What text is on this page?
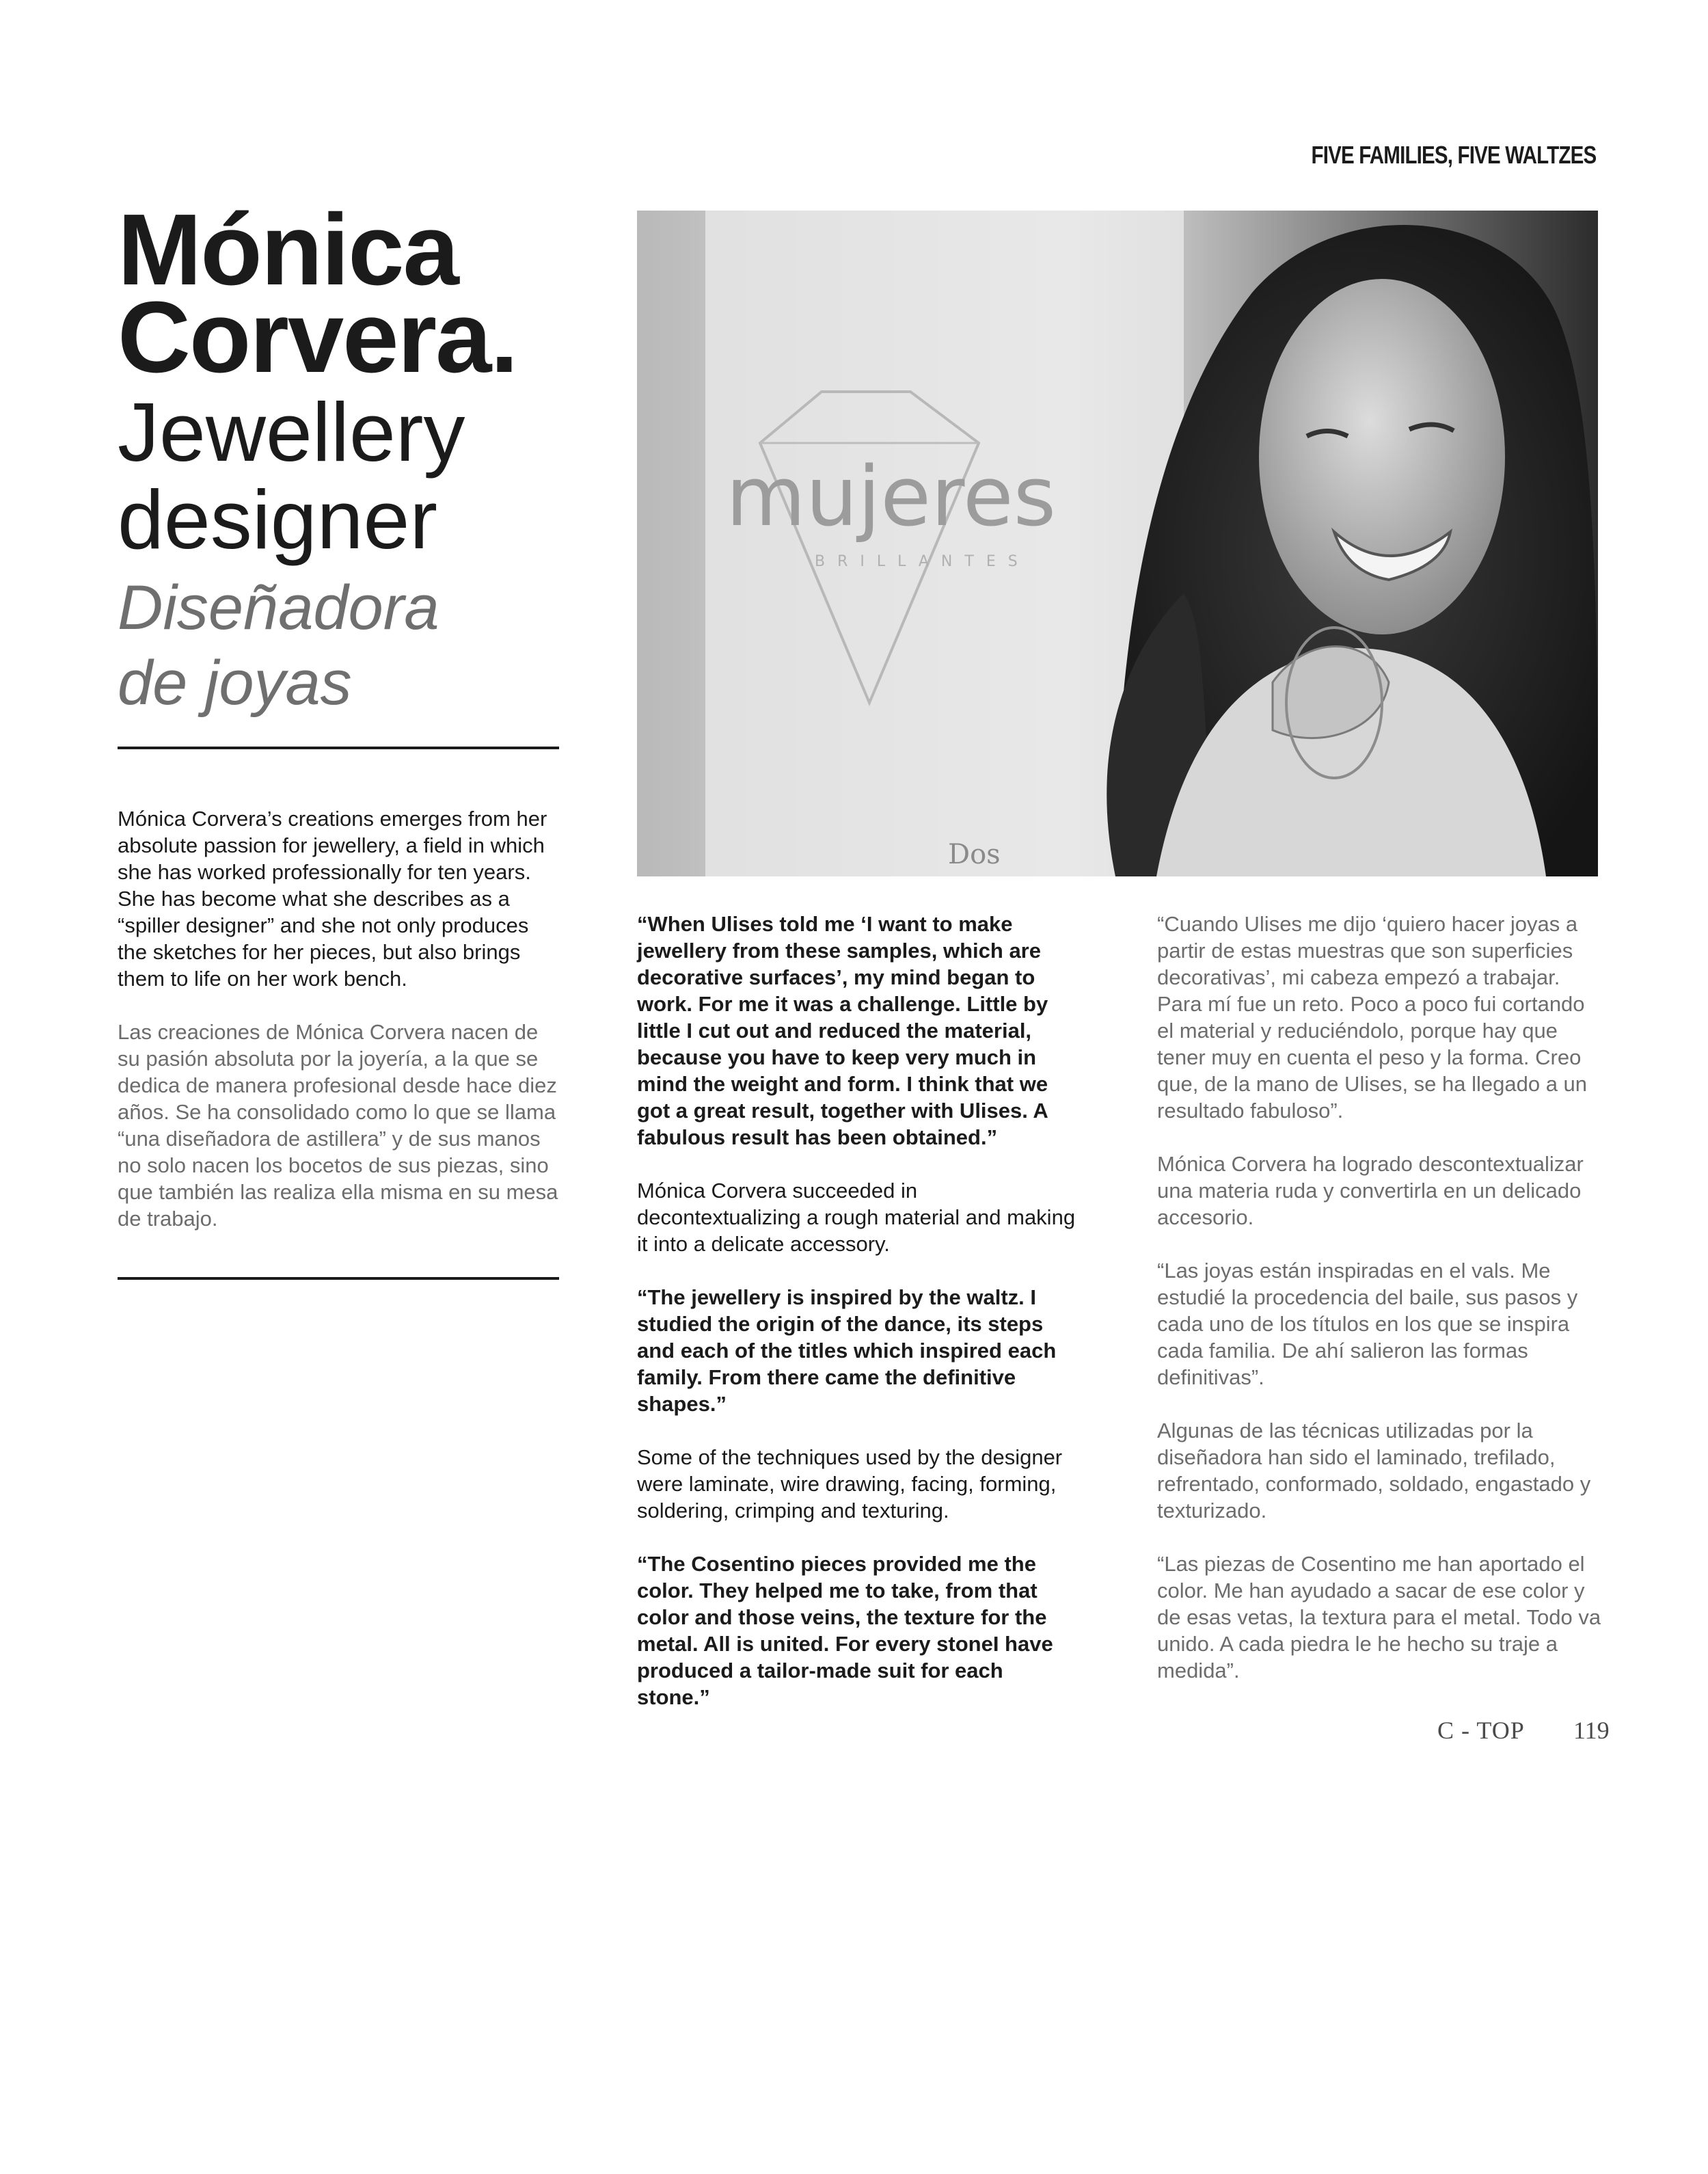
FIVE FAMILIES, FIVE WALTZES
Mónica
Corvera.
Jewellery
designer
Diseñadora
de joyas

Mónica Corvera’s creations emerges from her absolute passion for jewellery, a field in which she has worked professionally for ten years. She has become what she describes as a “spiller designer” and she not only produces the sketches for her pieces, but also brings them to life on her work bench.

Las creaciones de Mónica Corvera nacen de su pasión absoluta por la joyería, a la que se dedica de manera profesional desde hace diez años. Se ha consolidado como lo que se llama “una diseñadora de astillera” y de sus manos no solo nacen los bocetos de sus piezas, sino que también las realiza ella misma en su mesa de trabajo.

mujeres
BRILLANTES
Dos

“When Ulises told me ‘I want to make jewellery from these samples, which are decorative surfaces’, my mind began to work. For me it was a challenge. Little by little I cut out and reduced the material, because you have to keep very much in mind the weight and form. I think that we got a great result, together with Ulises. A fabulous result has been obtained.”

Mónica Corvera succeeded in decontextualizing a rough material and making it into a delicate accessory.

“The jewellery is inspired by the waltz. I studied the origin of the dance, its steps and each of the titles which inspired each family. From there came the definitive shapes.”

Some of the techniques used by the designer were laminate, wire drawing, facing, forming, soldering, crimping and texturing.

“The Cosentino pieces provided me the color. They helped me to take, from that color and those veins, the texture for the metal. All is united. For every stoneI have produced a tailor-made suit for each stone.”

“Cuando Ulises me dijo ‘quiero hacer joyas a partir de estas muestras que son superficies decorativas’, mi cabeza empezó a trabajar. Para mí fue un reto. Poco a poco fui cortando el material y reduciéndolo, porque hay que tener muy en cuenta el peso y la forma. Creo que, de la mano de Ulises, se ha llegado a un resultado fabuloso”.

Mónica Corvera ha logrado descontextualizar una materia ruda y convertirla en un delicado accesorio.

“Las joyas están inspiradas en el vals. Me estudié la procedencia del baile, sus pasos y cada uno de los títulos en los que se inspira cada familia. De ahí salieron las formas definitivas”.

Algunas de las técnicas utilizadas por la diseñadora han sido el laminado, trefilado, refrentado, conformado, soldado, engastado y texturizado.

“Las piezas de Cosentino me han aportado el color. Me han ayudado a sacar de ese color y de esas vetas, la textura para el metal. Todo va unido. A cada piedra le he hecho su traje a medida”.

C - TOP 119
